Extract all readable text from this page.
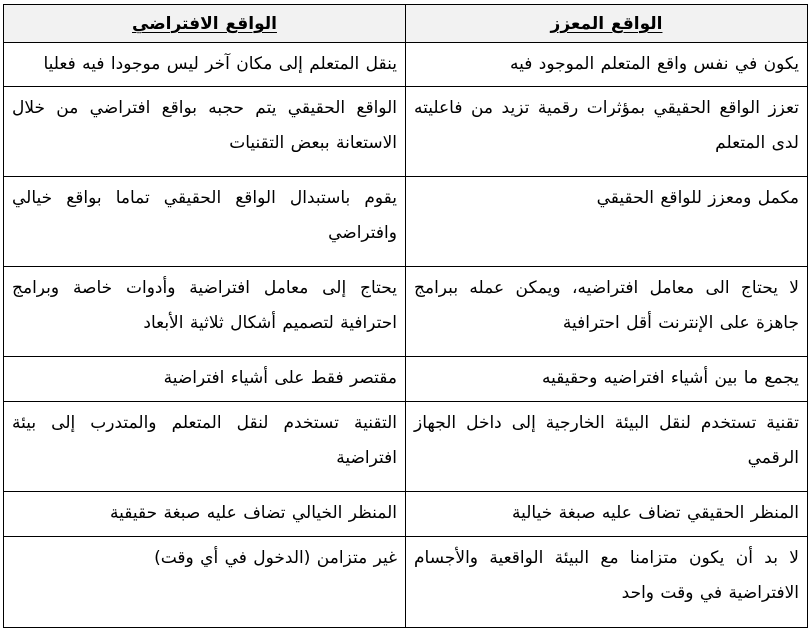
الواقع المعزز	الواقع الافتراضي
يكون في نفس واقع المتعلم الموجود فيه	ينقل المتعلم إلى مكان آخر ليس موجودا فيه فعليا
تعزز الواقع الحقيقي بمؤثرات رقمية تزيد من فاعليته لدى المتعلم	الواقع الحقيقي يتم حجبه بواقع افتراضي من خلال الاستعانة ببعض التقنيات
مكمل ومعزز للواقع الحقيقي	يقوم باستبدال الواقع الحقيقي تماما بواقع خيالي وافتراضي
لا يحتاج الى معامل افتراضيه، ويمكن عمله ببرامج جاهزة على الإنترنت أقل احترافية	يحتاج إلى معامل افتراضية وأدوات خاصة وبرامج احترافية لتصميم أشكال ثلاثية الأبعاد
يجمع ما بين أشياء افتراضيه وحقيقيه	مقتصر فقط على أشياء افتراضية
تقنية تستخدم لنقل البيئة الخارجية إلى داخل الجهاز الرقمي	التقنية تستخدم لنقل المتعلم والمتدرب إلى بيئة افتراضية
المنظر الحقيقي تضاف عليه صبغة خيالية	المنظر الخيالي تضاف عليه صبغة حقيقية
لا بد أن يكون متزامنا مع البيئة الواقعية والأجسام الافتراضية في وقت واحد	غير متزامن (الدخول في أي وقت)
